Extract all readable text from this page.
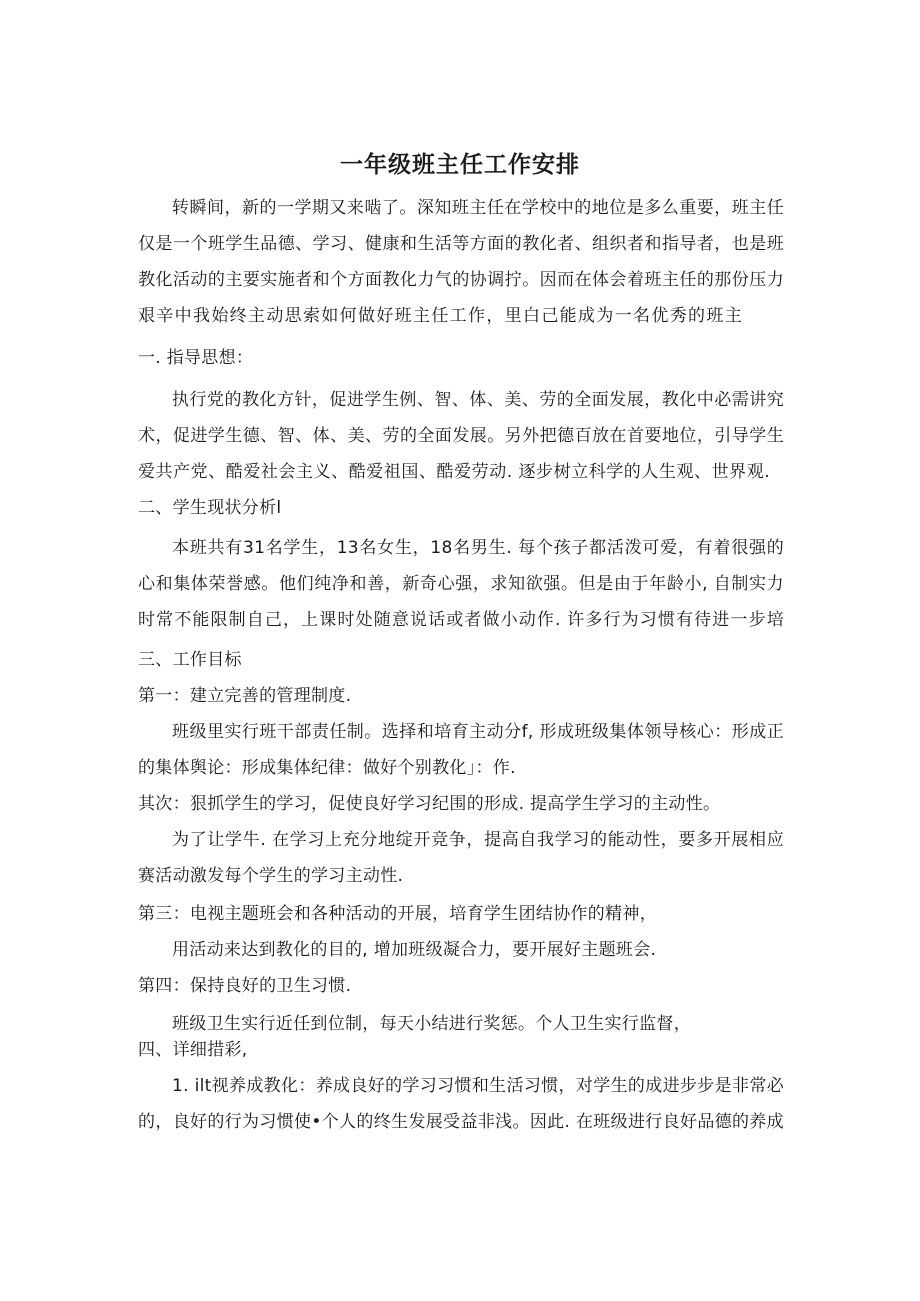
一年级班主任工作安排
转瞬间，新的一学期又来啮了。深知班主任在学校中的地位是多么重要，班主任
仅是一个班学生品德、学习、健康和生活等方面的教化者、组织者和指导者，也是班
教化活动的主要实施者和个方面教化力气的协调拧。因而在体会着班主任的那份压力
艰辛中我始终主动思索如何做好班主任工作，里白己能成为一名优秀的班主
一. 指导思想：
执行党的教化方针，促进学生例、智、体、美、劳的全面发展，教化中必需讲究
术，促进学生德、智、体、美、劳的全面发展。另外把德百放在首要地位，引导学生
爱共产党、酷爱社会主义、酷爱祖国、酷爱劳动. 逐步树立科学的人生观、世界观.
二、学生现状分析l
本班共有31名学生，13名女生，18名男生. 每个孩子都活泼可爱，有着很强的
心和集体荣誉感。他们纯净和善，新奇心强，求知欲强。但是由于年龄小, 自制实力
时常不能限制自己，上课时处随意说话或者做小动作. 许多行为习惯有待进一步培
三、工作目标
第一：建立完善的管理制度.
班级里实行班干部责任制。选择和培育主动分f, 形成班级集体领导核心：形成正
的集体舆论：形成集体纪律：做好个别教化」：作.
其次：狠抓学生的学习，促使良好学习纪围的形成. 提高学生学习的主动性。
为了让学牛. 在学习上充分地绽开竞争，提高自我学习的能动性，要多开展相应
赛活动激发每个学生的学习主动性.
第三：电视主题班会和各种活动的开展，培育学生团结协作的精神，
用活动来达到教化的目的, 增加班级凝合力，要开展好主题班会.
第四：保持良好的卫生习惯.
班级卫生实行近任到位制，每天小结进行奖惩。个人卫生实行监督，
四、详细措彩,
1. ilt视养成教化：养成良好的学习习惯和生活习惯，对学生的成进步步是非常必
的，良好的行为习惯使•个人的终生发展受益非浅。因此. 在班级进行良好品德的养成
